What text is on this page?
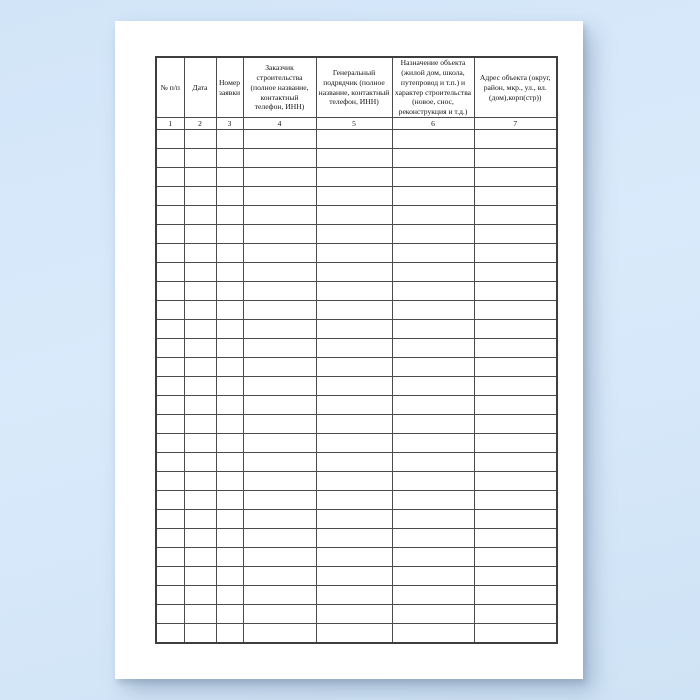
№ п/п	Дата	Номер заявки	Заказчик строительства (полное название, контактный телефон, ИНН)	Генеральный подрядчик (полное название, контактный телефон, ИНН)	Назначение объекта (жилой дом, школа, путепровод и т.п.) и характер строительства (новое, снос, реконструкция и т.д.)	Адрес объекта (округ, район, мкр., ул., вл.(дом),корп(стр))
1	2	3	4	5	6	7
